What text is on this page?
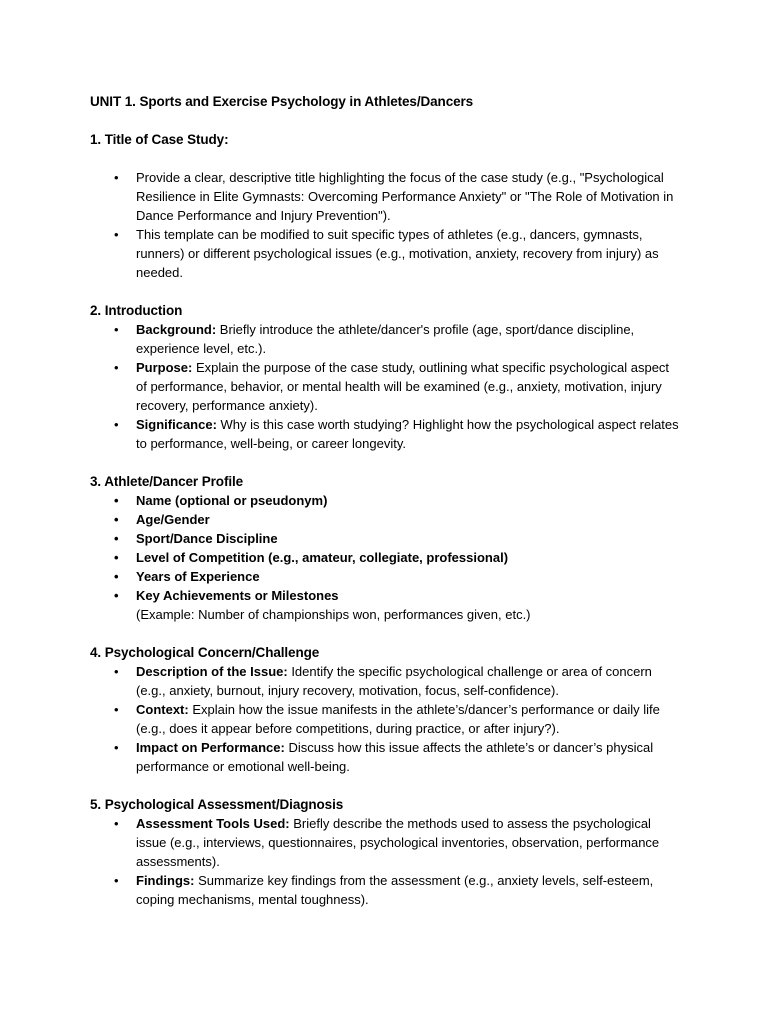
UNIT 1. Sports and Exercise Psychology in Athletes/Dancers
1. Title of Case Study:
• Provide a clear, descriptive title highlighting the focus of the case study (e.g., "Psychological Resilience in Elite Gymnasts: Overcoming Performance Anxiety" or "The Role of Motivation in Dance Performance and Injury Prevention").
• This template can be modified to suit specific types of athletes (e.g., dancers, gymnasts, runners) or different psychological issues (e.g., motivation, anxiety, recovery from injury) as needed.
2. Introduction
• Background: Briefly introduce the athlete/dancer's profile (age, sport/dance discipline, experience level, etc.).
• Purpose: Explain the purpose of the case study, outlining what specific psychological aspect of performance, behavior, or mental health will be examined (e.g., anxiety, motivation, injury recovery, performance anxiety).
• Significance: Why is this case worth studying? Highlight how the psychological aspect relates to performance, well-being, or career longevity.
3. Athlete/Dancer Profile
• Name (optional or pseudonym)
• Age/Gender
• Sport/Dance Discipline
• Level of Competition (e.g., amateur, collegiate, professional)
• Years of Experience
• Key Achievements or Milestones
(Example: Number of championships won, performances given, etc.)
4. Psychological Concern/Challenge
• Description of the Issue: Identify the specific psychological challenge or area of concern (e.g., anxiety, burnout, injury recovery, motivation, focus, self-confidence).
• Context: Explain how the issue manifests in the athlete’s/dancer’s performance or daily life (e.g., does it appear before competitions, during practice, or after injury?).
• Impact on Performance: Discuss how this issue affects the athlete’s or dancer’s physical performance or emotional well-being.
5. Psychological Assessment/Diagnosis
• Assessment Tools Used: Briefly describe the methods used to assess the psychological issue (e.g., interviews, questionnaires, psychological inventories, observation, performance assessments).
• Findings: Summarize key findings from the assessment (e.g., anxiety levels, self-esteem, coping mechanisms, mental toughness).
